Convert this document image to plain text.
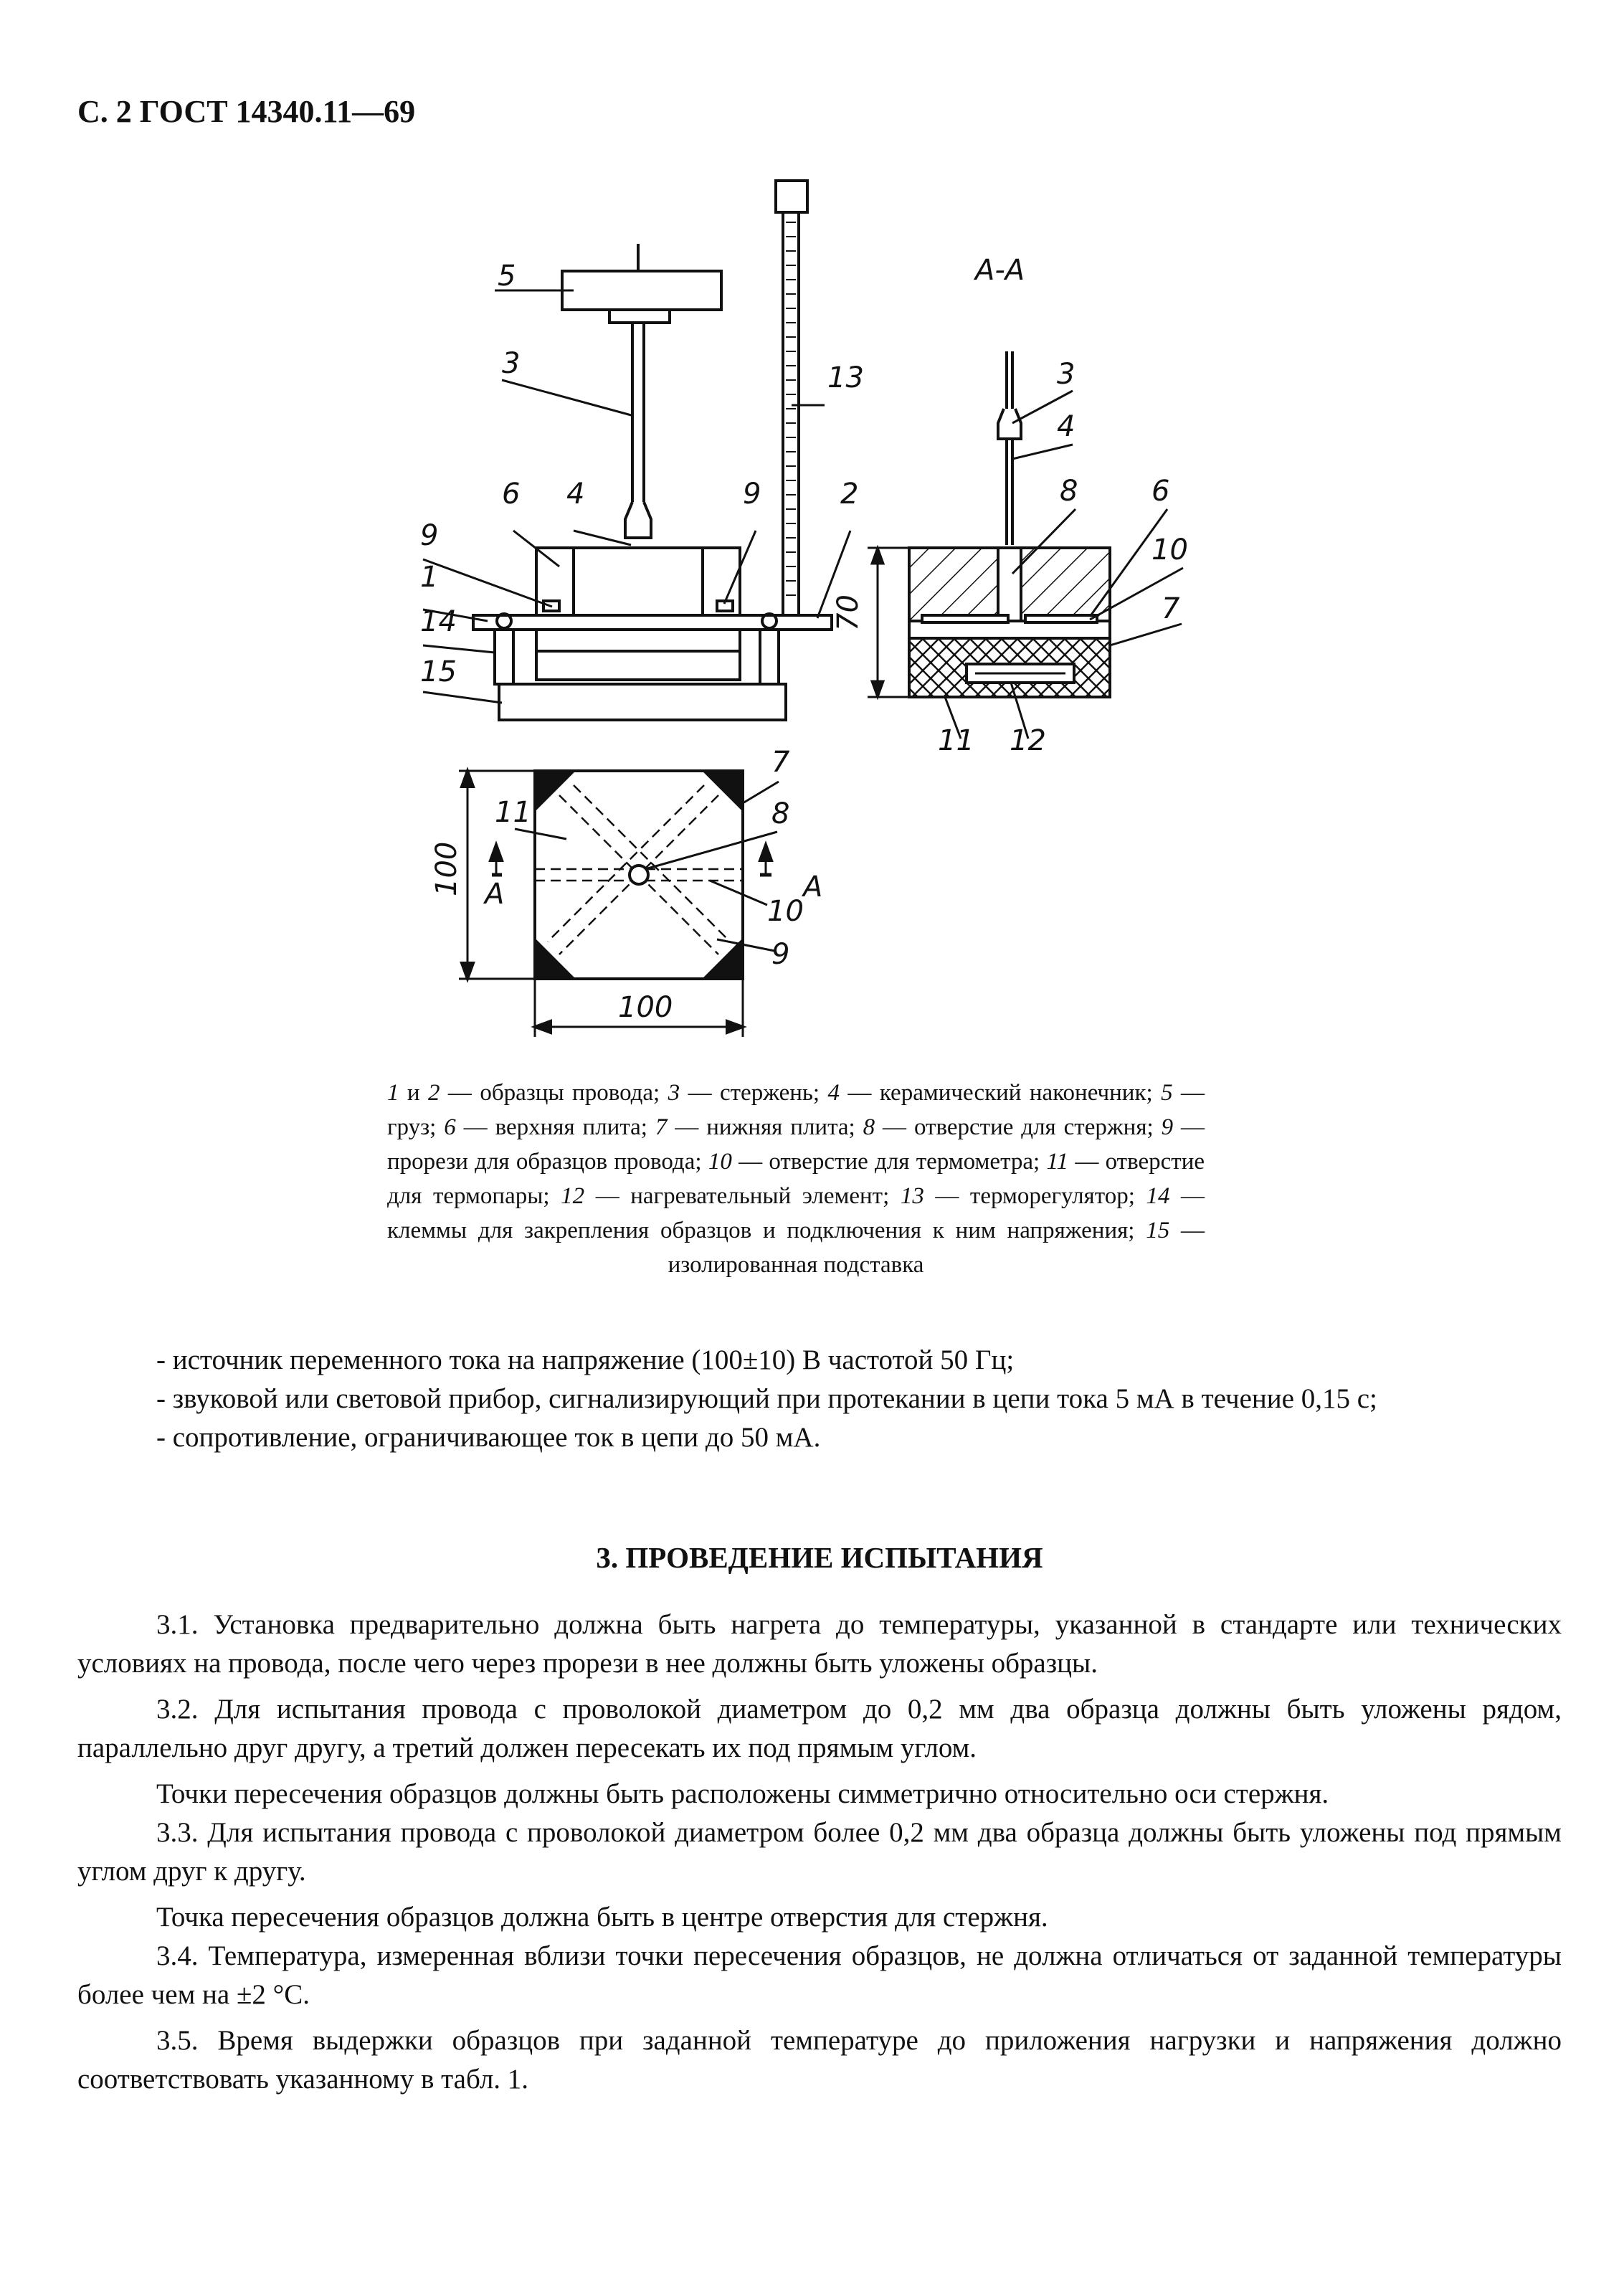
С. 2 ГОСТ 14340.11—69
А-А
5
3	13
6 4	9	2
9
1
14
15
3
4
8	6
10
7
70
11 12
7
8
10
9
11
А	А
100
100
1 и 2 — образцы провода; 3 — стержень; 4 — керамический наконечник; 5 — груз; 6 — верхняя плита; 7 — нижняя плита; 8 — отверстие для стержня; 9 — прорези для образцов провода; 10 — отверстие для термометра; 11 — отверстие для термопары; 12 — нагревательный элемент; 13 — терморегулятор; 14 — клеммы для закрепления образцов и подключения к ним напряжения; 15 — изолированная подставка

- источник переменного тока на напряжение (100±10) В частотой 50 Гц;

- звуковой или световой прибор, сигнализирующий при протекании в цепи тока 5 мА в течение 0,15 с;

- сопротивление, ограничивающее ток в цепи до 50 мА.

3. ПРОВЕДЕНИЕ ИСПЫТАНИЯ

3.1. Установка предварительно должна быть нагрета до температуры, указанной в стандарте или технических условиях на провода, после чего через прорези в нее должны быть уложены образцы.

3.2. Для испытания провода с проволокой диаметром до 0,2 мм два образца должны быть уложены рядом, параллельно друг другу, а третий должен пересекать их под прямым углом.

Точки пересечения образцов должны быть расположены симметрично относительно оси стержня.

3.3. Для испытания провода с проволокой диаметром более 0,2 мм два образца должны быть уложены под прямым углом друг к другу.

Точка пересечения образцов должна быть в центре отверстия для стержня.

3.4. Температура, измеренная вблизи точки пересечения образцов, не должна отличаться от заданной температуры более чем на ±2 °С.

3.5. Время выдержки образцов при заданной температуре до приложения нагрузки и напряжения должно соответствовать указанному в табл. 1.
